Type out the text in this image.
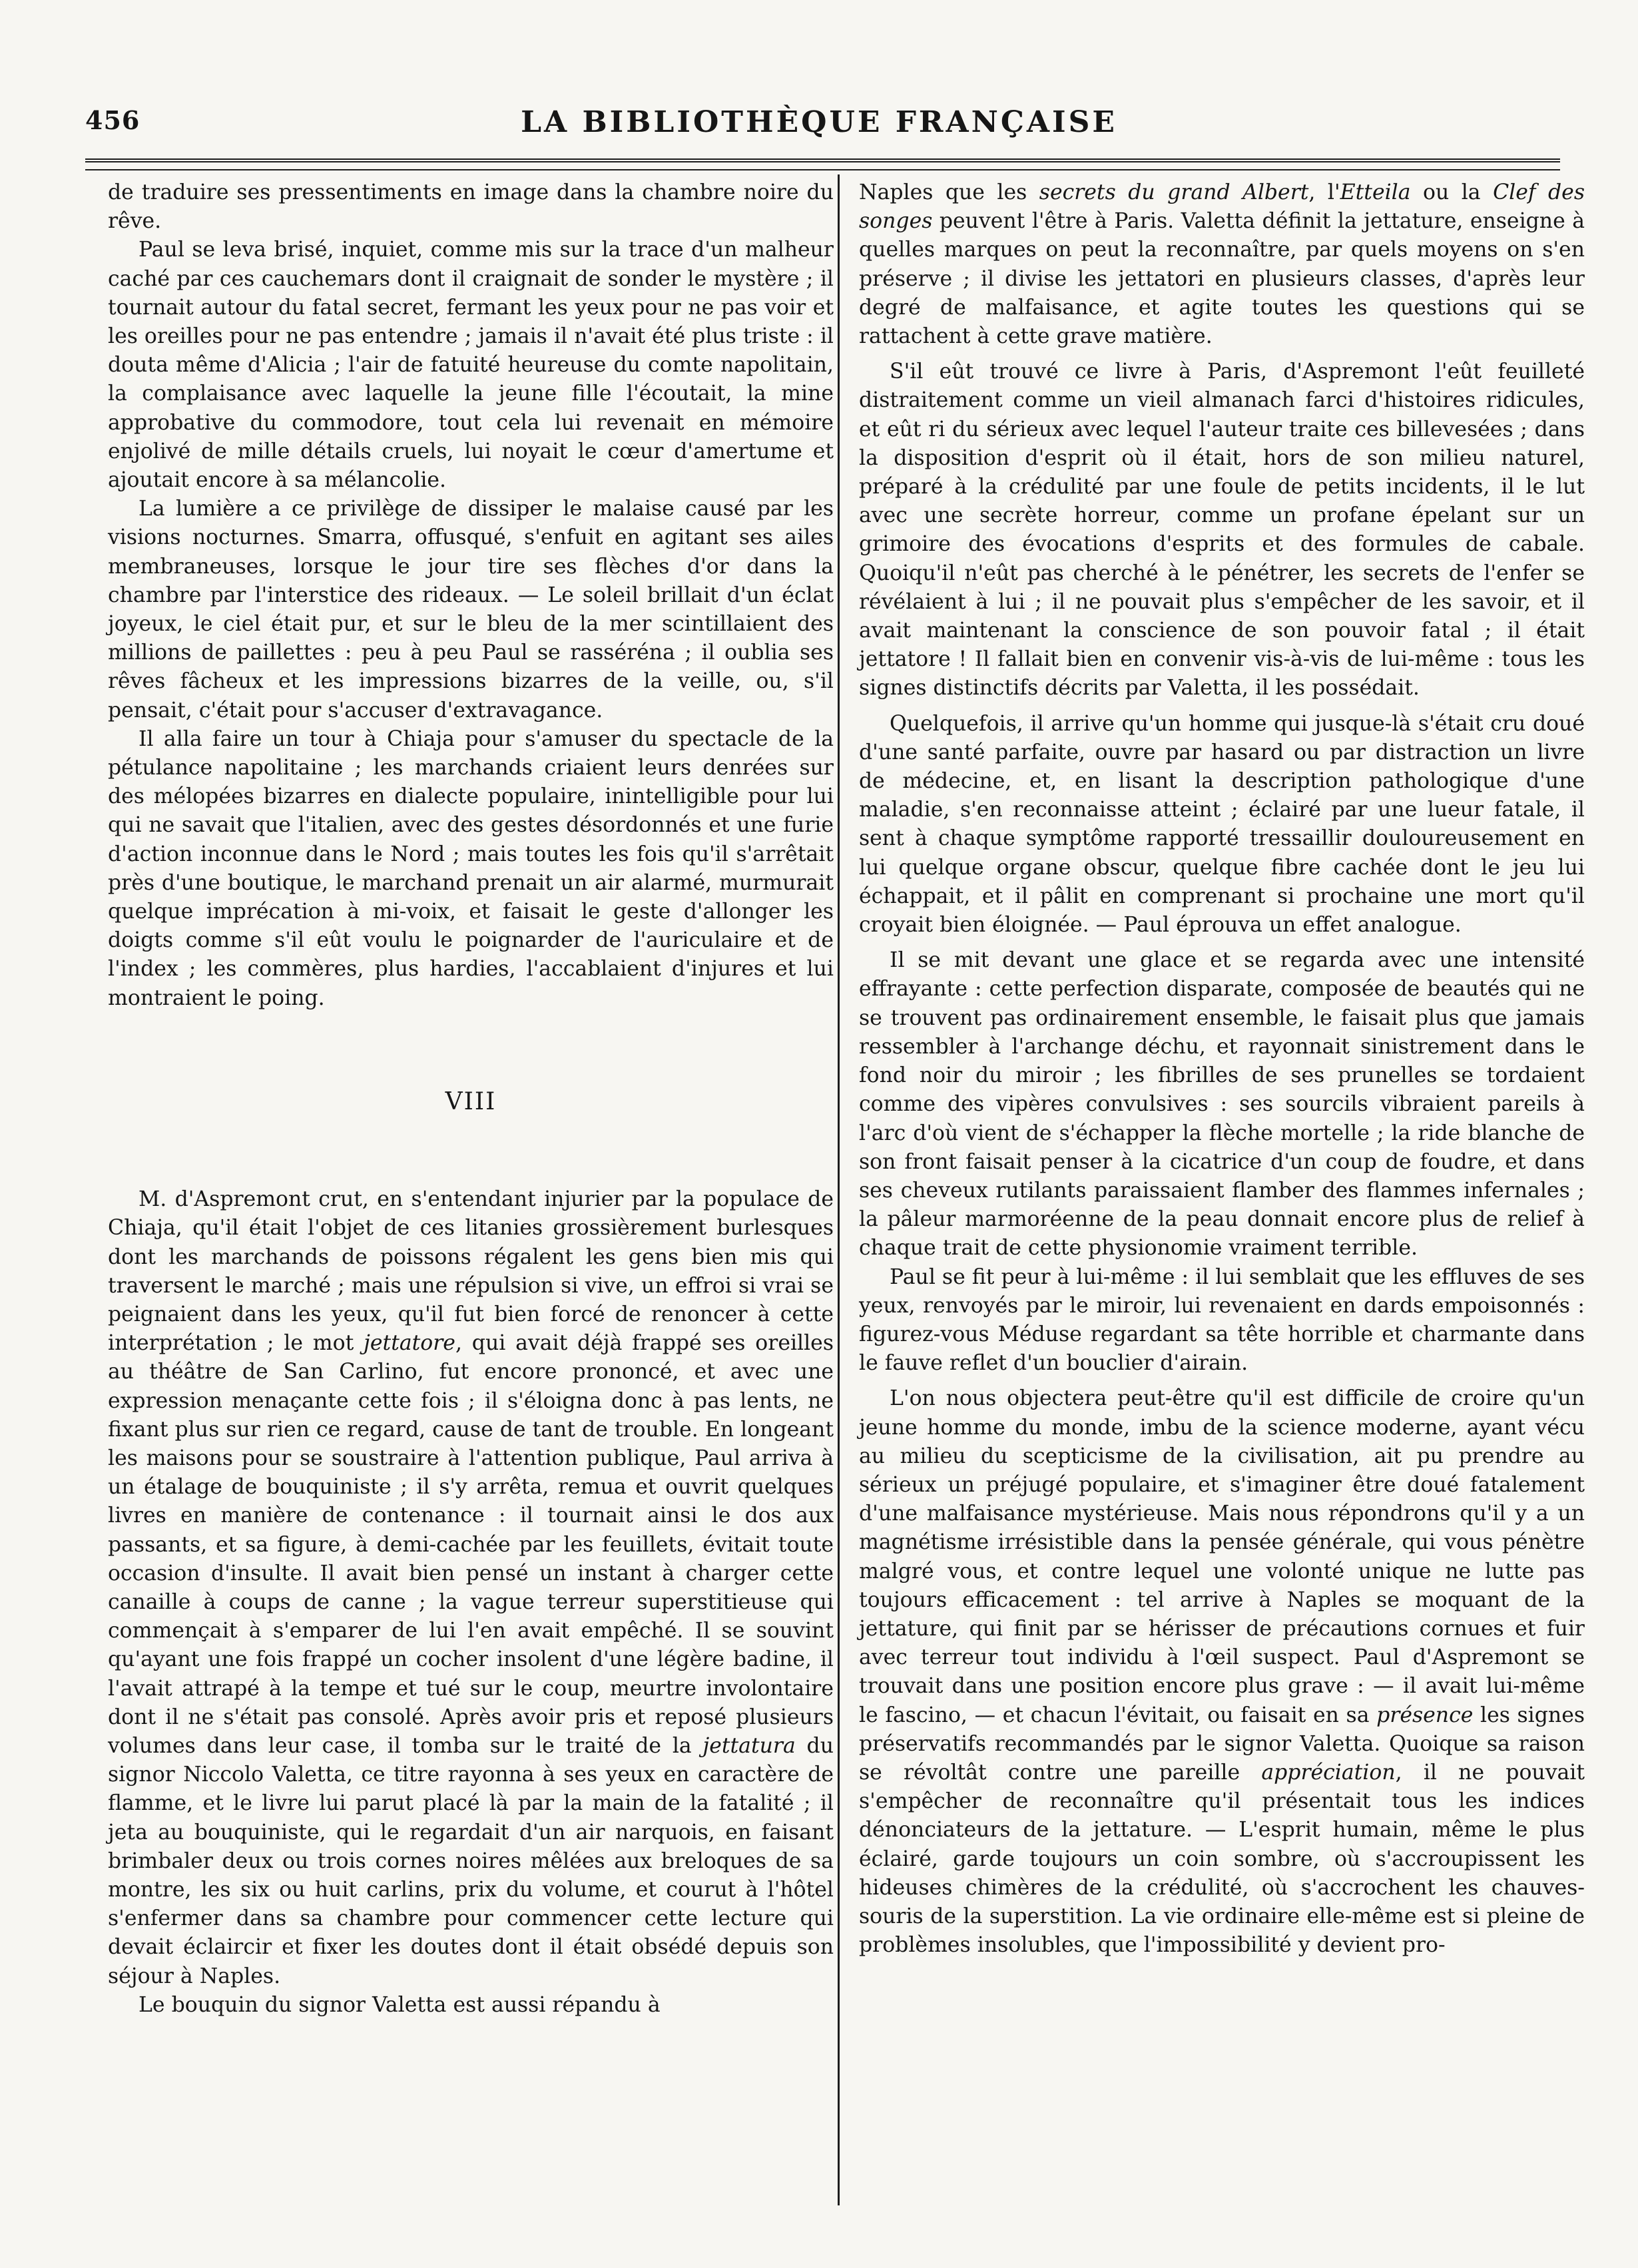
456	LA BIBLIOTHÈQUE FRANÇAISE

de traduire ses pressentiments en image dans la chambre noire du rêve.

Paul se leva brisé, inquiet, comme mis sur la trace d'un malheur caché par ces cauchemars dont il craignait de sonder le mystère ; il tournait autour du fatal secret, fermant les yeux pour ne pas voir et les oreilles pour ne pas entendre ; jamais il n'avait été plus triste : il douta même d'Alicia ; l'air de fatuité heureuse du comte napolitain, la complaisance avec laquelle la jeune fille l'écoutait, la mine approbative du commodore, tout cela lui revenait en mémoire enjolivé de mille détails cruels, lui noyait le cœur d'amertume et ajoutait encore à sa mélancolie.

La lumière a ce privilège de dissiper le malaise causé par les visions nocturnes. Smarra, offusqué, s'enfuit en agitant ses ailes membraneuses, lorsque le jour tire ses flèches d'or dans la chambre par l'interstice des rideaux. — Le soleil brillait d'un éclat joyeux, le ciel était pur, et sur le bleu de la mer scintillaient des millions de paillettes : peu à peu Paul se rasséréna ; il oublia ses rêves fâcheux et les impressions bizarres de la veille, ou, s'il pensait, c'était pour s'accuser d'extravagance.

Il alla faire un tour à Chiaja pour s'amuser du spectacle de la pétulance napolitaine ; les marchands criaient leurs denrées sur des mélopées bizarres en dialecte populaire, inintelligible pour lui qui ne savait que l'italien, avec des gestes désordonnés et une furie d'action inconnue dans le Nord ; mais toutes les fois qu'il s'arrêtait près d'une boutique, le marchand prenait un air alarmé, murmurait quelque imprécation à mi-voix, et faisait le geste d'allonger les doigts comme s'il eût voulu le poignarder de l'auriculaire et de l'index ; les commères, plus hardies, l'accablaient d'injures et lui montraient le poing.

VIII

M. d'Aspremont crut, en s'entendant injurier par la populace de Chiaja, qu'il était l'objet de ces litanies grossièrement burlesques dont les marchands de poissons régalent les gens bien mis qui traversent le marché ; mais une répulsion si vive, un effroi si vrai se peignaient dans les yeux, qu'il fut bien forcé de renoncer à cette interprétation ; le mot jettatore, qui avait déjà frappé ses oreilles au théâtre de San Carlino, fut encore prononcé, et avec une expression menaçante cette fois ; il s'éloigna donc à pas lents, ne fixant plus sur rien ce regard, cause de tant de trouble. En longeant les maisons pour se soustraire à l'attention publique, Paul arriva à un étalage de bouquiniste ; il s'y arrêta, remua et ouvrit quelques livres en manière de contenance : il tournait ainsi le dos aux passants, et sa figure, à demi-cachée par les feuillets, évitait toute occasion d'insulte. Il avait bien pensé un instant à charger cette canaille à coups de canne ; la vague terreur superstitieuse qui commençait à s'emparer de lui l'en avait empêché. Il se souvint qu'ayant une fois frappé un cocher insolent d'une légère badine, il l'avait attrapé à la tempe et tué sur le coup, meurtre involontaire dont il ne s'était pas consolé. Après avoir pris et reposé plusieurs volumes dans leur case, il tomba sur le traité de la jettatura du signor Niccolo Valetta, ce titre rayonna à ses yeux en caractère de flamme, et le livre lui parut placé là par la main de la fatalité ; il jeta au bouquiniste, qui le regardait d'un air narquois, en faisant brimbaler deux ou trois cornes noires mêlées aux breloques de sa montre, les six ou huit carlins, prix du volume, et courut à l'hôtel s'enfermer dans sa chambre pour commencer cette lecture qui devait éclaircir et fixer les doutes dont il était obsédé depuis son séjour à Naples.

Le bouquin du signor Valetta est aussi répandu à

Naples que les secrets du grand Albert, l'Etteila ou la Clef des songes peuvent l'être à Paris. Valetta définit la jettature, enseigne à quelles marques on peut la reconnaître, par quels moyens on s'en préserve ; il divise les jettatori en plusieurs classes, d'après leur degré de malfaisance, et agite toutes les questions qui se rattachent à cette grave matière.

S'il eût trouvé ce livre à Paris, d'Aspremont l'eût feuilleté distraitement comme un vieil almanach farci d'histoires ridicules, et eût ri du sérieux avec lequel l'auteur traite ces billevesées ; dans la disposition d'esprit où il était, hors de son milieu naturel, préparé à la crédulité par une foule de petits incidents, il le lut avec une secrète horreur, comme un profane épelant sur un grimoire des évocations d'esprits et des formules de cabale. Quoiqu'il n'eût pas cherché à le pénétrer, les secrets de l'enfer se révélaient à lui ; il ne pouvait plus s'empêcher de les savoir, et il avait maintenant la conscience de son pouvoir fatal ; il était jettatore ! Il fallait bien en convenir vis-à-vis de lui-même : tous les signes distinctifs décrits par Valetta, il les possédait.

Quelquefois, il arrive qu'un homme qui jusque-là s'était cru doué d'une santé parfaite, ouvre par hasard ou par distraction un livre de médecine, et, en lisant la description pathologique d'une maladie, s'en reconnaisse atteint ; éclairé par une lueur fatale, il sent à chaque symptôme rapporté tressaillir douloureusement en lui quelque organe obscur, quelque fibre cachée dont le jeu lui échappait, et il pâlit en comprenant si prochaine une mort qu'il croyait bien éloignée. — Paul éprouva un effet analogue.

Il se mit devant une glace et se regarda avec une intensité effrayante : cette perfection disparate, composée de beautés qui ne se trouvent pas ordinairement ensemble, le faisait plus que jamais ressembler à l'archange déchu, et rayonnait sinistrement dans le fond noir du miroir ; les fibrilles de ses prunelles se tordaient comme des vipères convulsives : ses sourcils vibraient pareils à l'arc d'où vient de s'échapper la flèche mortelle ; la ride blanche de son front faisait penser à la cicatrice d'un coup de foudre, et dans ses cheveux rutilants paraissaient flamber des flammes infernales ; la pâleur marmoréenne de la peau donnait encore plus de relief à chaque trait de cette physionomie vraiment terrible.

Paul se fit peur à lui-même : il lui semblait que les effluves de ses yeux, renvoyés par le miroir, lui revenaient en dards empoisonnés : figurez-vous Méduse regardant sa tête horrible et charmante dans le fauve reflet d'un bouclier d'airain.

L'on nous objectera peut-être qu'il est difficile de croire qu'un jeune homme du monde, imbu de la science moderne, ayant vécu au milieu du scepticisme de la civilisation, ait pu prendre au sérieux un préjugé populaire, et s'imaginer être doué fatalement d'une malfaisance mystérieuse. Mais nous répondrons qu'il y a un magnétisme irrésistible dans la pensée générale, qui vous pénètre malgré vous, et contre lequel une volonté unique ne lutte pas toujours efficacement : tel arrive à Naples se moquant de la jettature, qui finit par se hérisser de précautions cornues et fuir avec terreur tout individu à l'œil suspect. Paul d'Aspremont se trouvait dans une position encore plus grave : — il avait lui-même le fascino, — et chacun l'évitait, ou faisait en sa présence les signes préservatifs recommandés par le signor Valetta. Quoique sa raison se révoltât contre une pareille appréciation, il ne pouvait s'empêcher de reconnaître qu'il présentait tous les indices dénonciateurs de la jettature. — L'esprit humain, même le plus éclairé, garde toujours un coin sombre, où s'accroupissent les hideuses chimères de la crédulité, où s'accrochent les chauves-souris de la superstition. La vie ordinaire elle-même est si pleine de problèmes insolubles, que l'impossibilité y devient pro-
